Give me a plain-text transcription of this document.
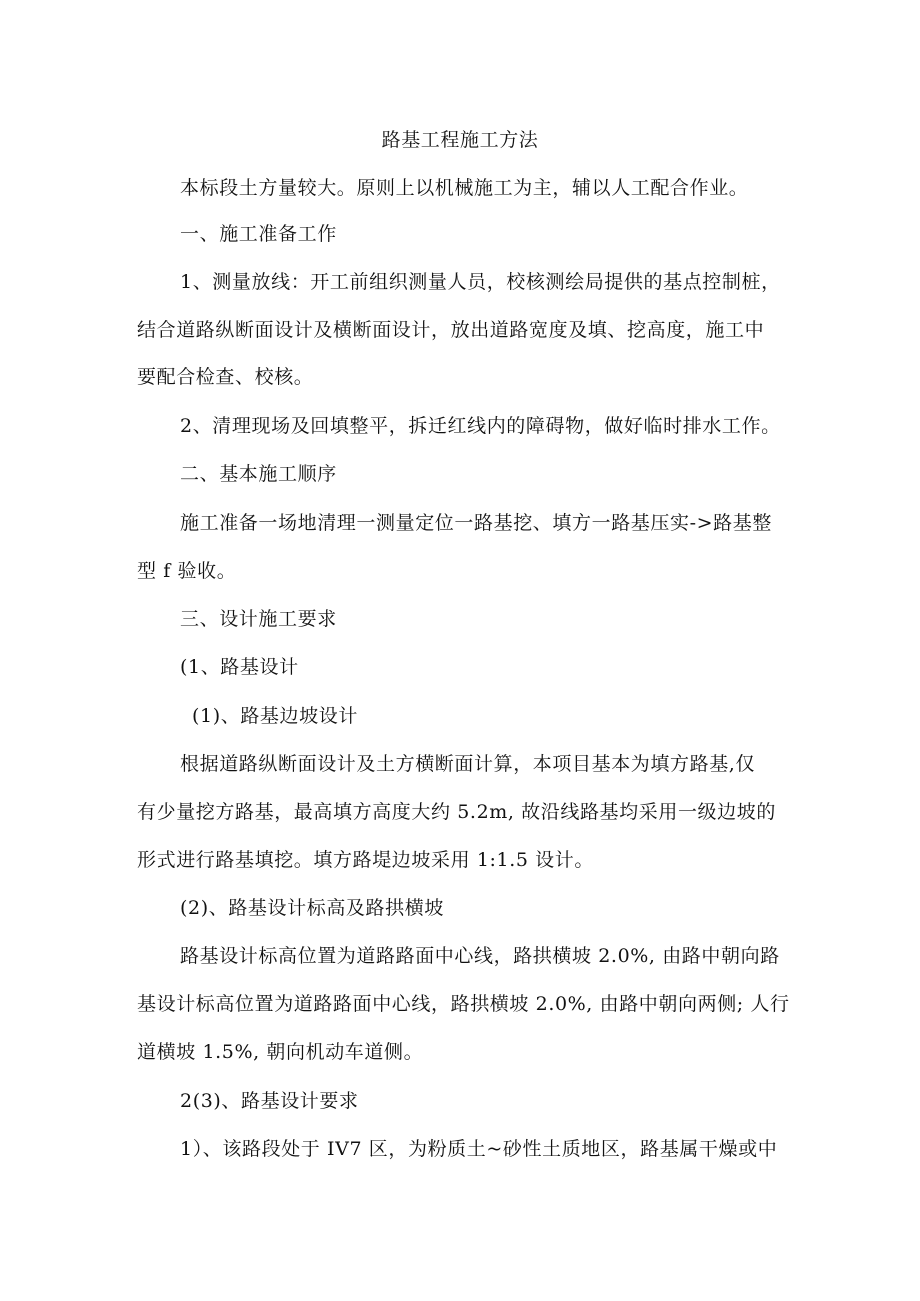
路基工程施工方法
本标段土方量较大。原则上以机械施工为主，辅以人工配合作业。
一、施工准备工作
1、测量放线：开工前组织测量人员，校核测绘局提供的基点控制桩，
结合道路纵断面设计及横断面设计，放出道路宽度及填、挖高度，施工中
要配合检查、校核。
2、清理现场及回填整平，拆迁红线内的障碍物，做好临时排水工作。
二、基本施工顺序
施工准备一场地清理一测量定位一路基挖、填方一路基压实->路基整
型 f 验收。
三、设计施工要求
(1、路基设计
(1)、路基边坡设计
根据道路纵断面设计及土方横断面计算，本项目基本为填方路基,仅
有少量挖方路基，最高填方高度大约 5.2m, 故沿线路基均采用一级边坡的
形式进行路基填挖。填方路堤边坡采用 1:1.5 设计。
(2)、路基设计标高及路拱横坡
路基设计标高位置为道路路面中心线，路拱横坡 2.0%, 由路中朝向路
基设计标高位置为道路路面中心线，路拱横坡 2.0%, 由路中朝向两侧; 人行
道横坡 1.5%, 朝向机动车道侧。
2(3)、路基设计要求
1）、该路段处于 IV7 区，为粉质土~砂性土质地区，路基属干燥或中
